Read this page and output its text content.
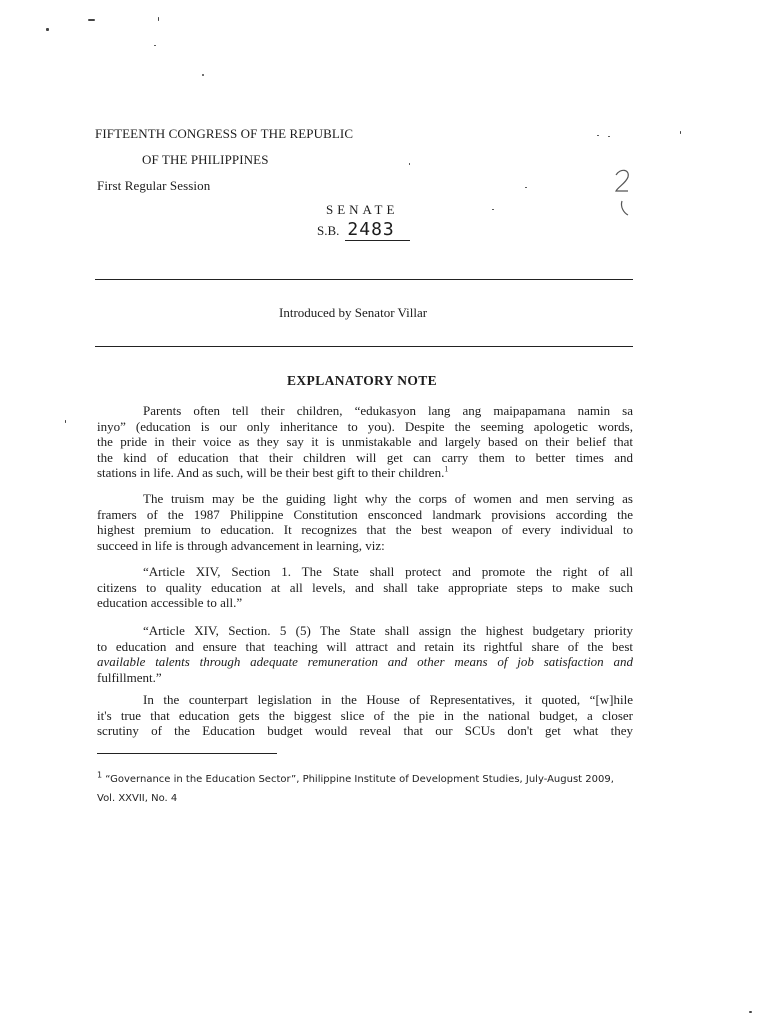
FIFTEENTH CONGRESS OF THE REPUBLIC
OF THE PHILIPPINES
First Regular Session
SENATE
S.B. 2483
Introduced by Senator Villar
EXPLANATORY NOTE
Parents often tell their children, “edukasyon lang ang maipapamana namin sa
inyo” (education is our only inheritance to you). Despite the seeming apologetic words,
the pride in their voice as they say it is unmistakable and largely based on their belief that
the kind of education that their children will get can carry them to better times and
stations in life. And as such, will be their best gift to their children.$^1$
The truism may be the guiding light why the corps of women and men serving as
framers of the 1987 Philippine Constitution ensconced landmark provisions according the
highest premium to education. It recognizes that the best weapon of every individual to
succeed in life is through advancement in learning, viz:
“Article XIV, Section 1. The State shall protect and promote the right of all
citizens to quality education at all levels, and shall take appropriate steps to make such
education accessible to all.”
“Article XIV, Section. 5 (5) The State shall assign the highest budgetary priority
to education and ensure that teaching will attract and retain its rightful share of the best
available talents through adequate remuneration and other means of job satisfaction and
fulfillment.”
In the counterpart legislation in the House of Representatives, it quoted, “[w]hile
it's true that education gets the biggest slice of the pie in the national budget, a closer
scrutiny of the Education budget would reveal that our SCUs don't get what they
$^1$ “Governance in the Education Sector”, Philippine Institute of Development Studies, July-August 2009,
Vol. XXVII, No. 4
